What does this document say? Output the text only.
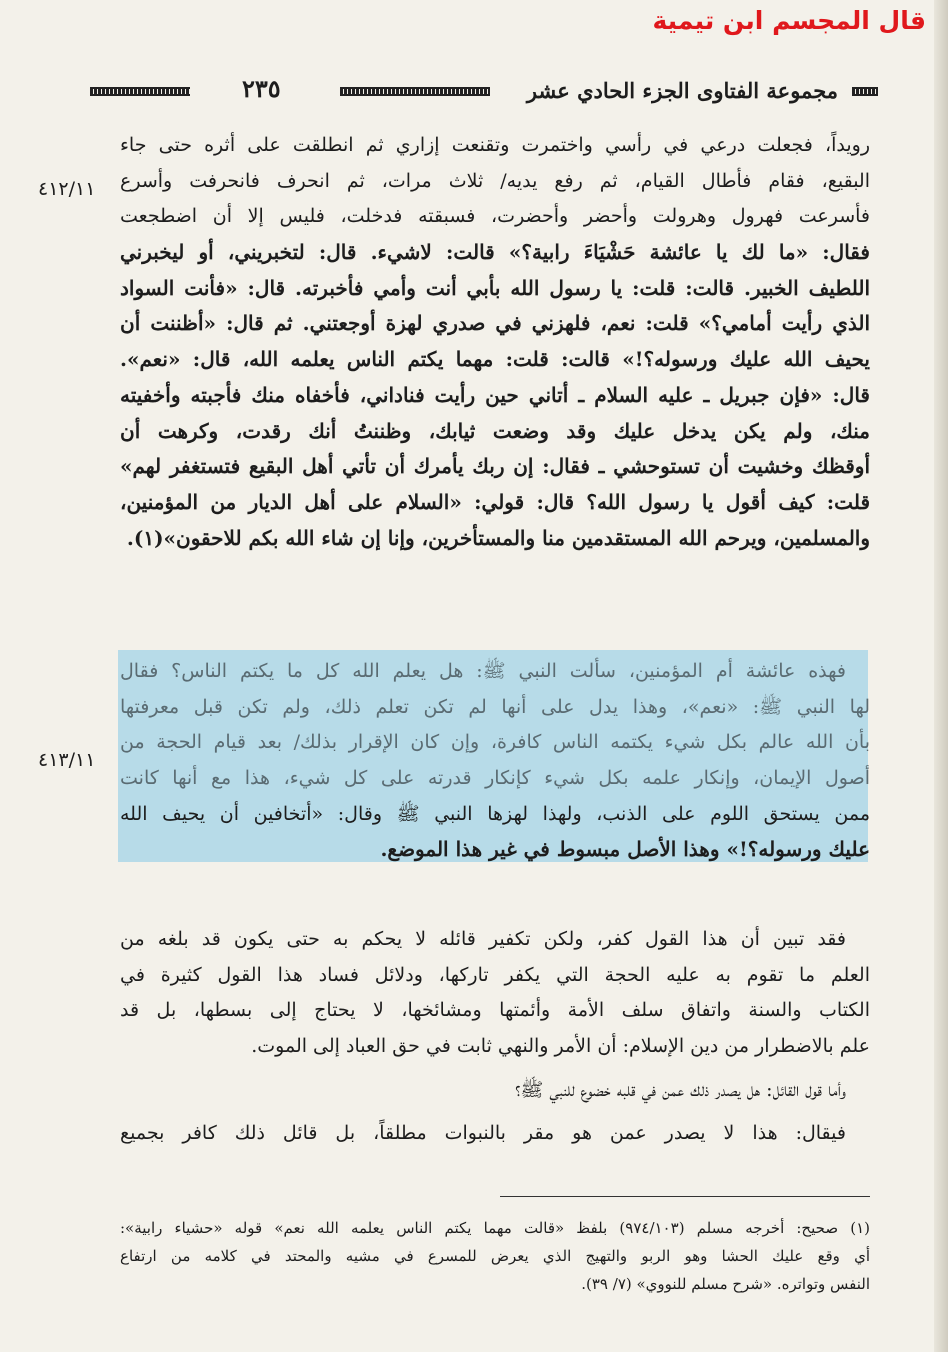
قال المجسم ابن تيمية
مجموعة الفتاوى الجزء الحادي عشر
٢٣٥
٤١٢/١١
٤١٣/١١
رويداً، فجعلت درعي في رأسي واختمرت وتقنعت إزاري ثم انطلقت على أثره حتى جاء
البقيع، فقام فأطال القيام، ثم رفع يديه/ ثلاث مرات، ثم انحرف فانحرفت وأسرع
فأسرعت فهرول وهرولت وأحضر وأحضرت، فسبقته فدخلت، فليس إلا أن اضطجعت
فقال: «ما لك يا عائشة حَشْيَاءَ رابية؟» قالت: لاشيء. قال: لتخبريني، أو ليخبرني
اللطيف الخبير. قالت: قلت: يا رسول الله بأبي أنت وأمي فأخبرته. قال: «فأنت السواد
الذي رأيت أمامي؟» قلت: نعم، فلهزني في صدري لهزة أوجعتني. ثم قال: «أظننت أن
يحيف الله عليك ورسوله؟!» قالت: قلت: مهما يكتم الناس يعلمه الله، قال: «نعم».
قال: «فإن جبريل ـ عليه السلام ـ أتاني حين رأيت فناداني، فأخفاه منك فأجبته وأخفيته
منك، ولم يكن يدخل عليك وقد وضعت ثيابك، وظننتُ أنك رقدت، وكرهت أن
أوقظك وخشيت أن تستوحشي ـ فقال: إن ربك يأمرك أن تأتي أهل البقيع فتستغفر لهم»
قلت: كيف أقول يا رسول الله؟ قال: قولي: «السلام على أهل الديار من المؤمنين،
والمسلمين، ويرحم الله المستقدمين منا والمستأخرين، وإنا إن شاء الله بكم للاحقون»(١).
فهذه عائشة أم المؤمنين، سألت النبي ﷺ: هل يعلم الله كل ما يكتم الناس؟ فقال
لها النبي ﷺ: «نعم»، وهذا يدل على أنها لم تكن تعلم ذلك، ولم تكن قبل معرفتها
بأن الله عالم بكل شيء يكتمه الناس كافرة، وإن كان الإقرار بذلك/ بعد قيام الحجة من
أصول الإيمان، وإنكار علمه بكل شيء كإنكار قدرته على كل شيء، هذا مع أنها كانت
ممن يستحق اللوم على الذنب، ولهذا لهزها النبي ﷺ وقال: «أتخافين أن يحيف الله
عليك ورسوله؟!» وهذا الأصل مبسوط في غير هذا الموضع.
فقد تبين أن هذا القول كفر، ولكن تكفير قائله لا يحكم به حتى يكون قد بلغه من
العلم ما تقوم به عليه الحجة التي يكفر تاركها، ودلائل فساد هذا القول كثيرة في
الكتاب والسنة واتفاق سلف الأمة وأئمتها ومشائخها، لا يحتاج إلى بسطها، بل قد
علم بالاضطرار من دين الإسلام: أن الأمر والنهي ثابت في حق العباد إلى الموت.
وأما قول القائل: هل يصدر ذلك عمن في قلبه خضوع للنبي ﷺ؟
فيقال: هذا لا يصدر عمن هو مقر بالنبوات مطلقاً، بل قائل ذلك كافر بجميع
(١) صحيح: أخرجه مسلم (٩٧٤/١٠٣) بلفظ «قالت مهما يكتم الناس يعلمه الله نعم» قوله «حشياء رابية»:
أي وقع عليك الحشا وهو الربو والتهيج الذي يعرض للمسرع في مشيه والمحتد في كلامه من ارتفاع
النفس وتواتره. «شرح مسلم للنووي» (٧/ ٣٩).
